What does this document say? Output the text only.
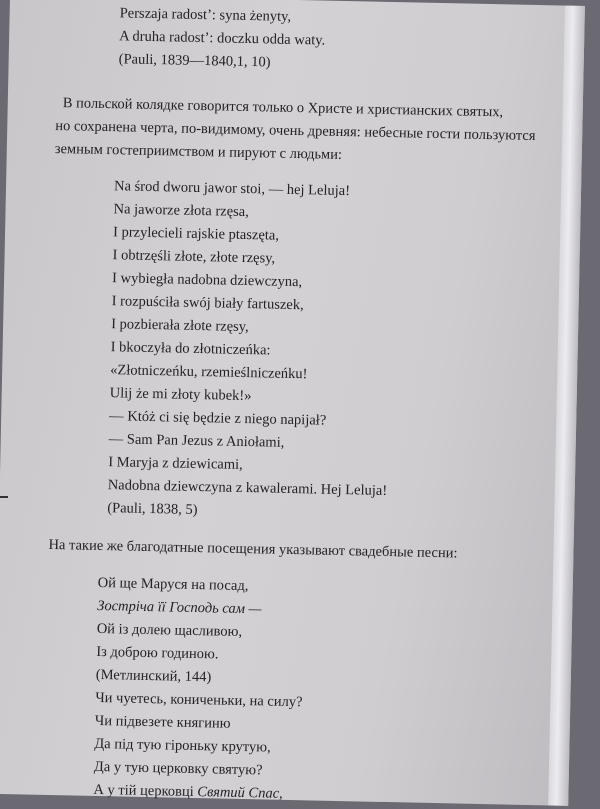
Perszaja radost’: syna żenyty,
A druha radost’: doczku odda waty.
(Pauli, 1839—1840,1, 10)
В польской колядке говорится только о Христе и христианских святых,
но сохранена черта, по-видимому, очень древняя: небесные гости пользуются
земным гостеприимством и пируют с людьми:
Na środ dworu jawor stoi, — hej Leluja!
Na jaworze złota rzęsa,
I przylecieli rajskie ptaszęta,
I obtrzęśli złote, złote rzęsy,
I wybiegła nadobna dziewczyna,
I rozpuściła swój biały fartuszek,
I pozbierała złote rzęsy,
I bkoczyła do złotniczeńka:
«Złotniczeńku, rzemieślniczeńku!
Ulij że mi złoty kubek!»
— Któż ci się będzie z niego napijał?
— Sam Pan Jezus z Aniołami,
I Maryja z dziewicami,
Nadobna dziewczyna z kawalerami. Hej Leluja!
(Pauli, 1838, 5)
На такие же благодатные посещения указывают свадебные песни:
Ой ще Маруся на посад,
Зостріча її Господь сам —
Ой із долею щасливою,
Із доброю годиною.
(Метлинский, 144)
Чи чуетесь, кониченьки, на силу?
Чи підвезете княгиню
Да під тую гіроньку крутую,
Да у тую церковку святую?
А у тій церковці Святий Спас,
